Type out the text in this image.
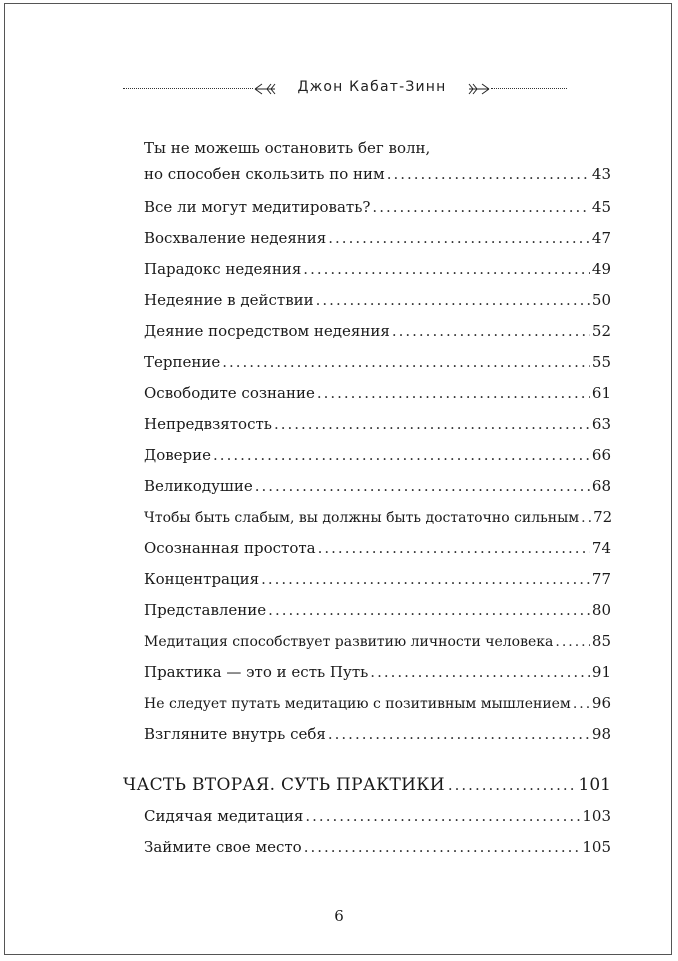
Джон Кабат-Зинн
Ты не можешь остановить бег волн,
но способен скользить по ним .....	43
Все ли могут медитировать? .....	45
Восхваление недеяния .....	47
Парадокс недеяния .....	49
Недеяние в действии .....	50
Деяние посредством недеяния .....	52
Терпение .....	55
Освободите сознание .....	61
Непредвзятость .....	63
Доверие .....	66
Великодушие .....	68
Чтобы быть слабым, вы должны быть достаточно сильным ..... 72
Осознанная простота .....	74
Концентрация .....	77
Представление .....	80
Медитация способствует развитию личности человека .....	85
Практика — это и есть Путь .....	91
Не следует путать медитацию с позитивным мышлением ..... 96
Взгляните внутрь себя .....	98
ЧАСТЬ ВТОРАЯ. СУТЬ ПРАКТИКИ .....	101
Сидячая медитация .....	103
Займите свое место .....	105
6
